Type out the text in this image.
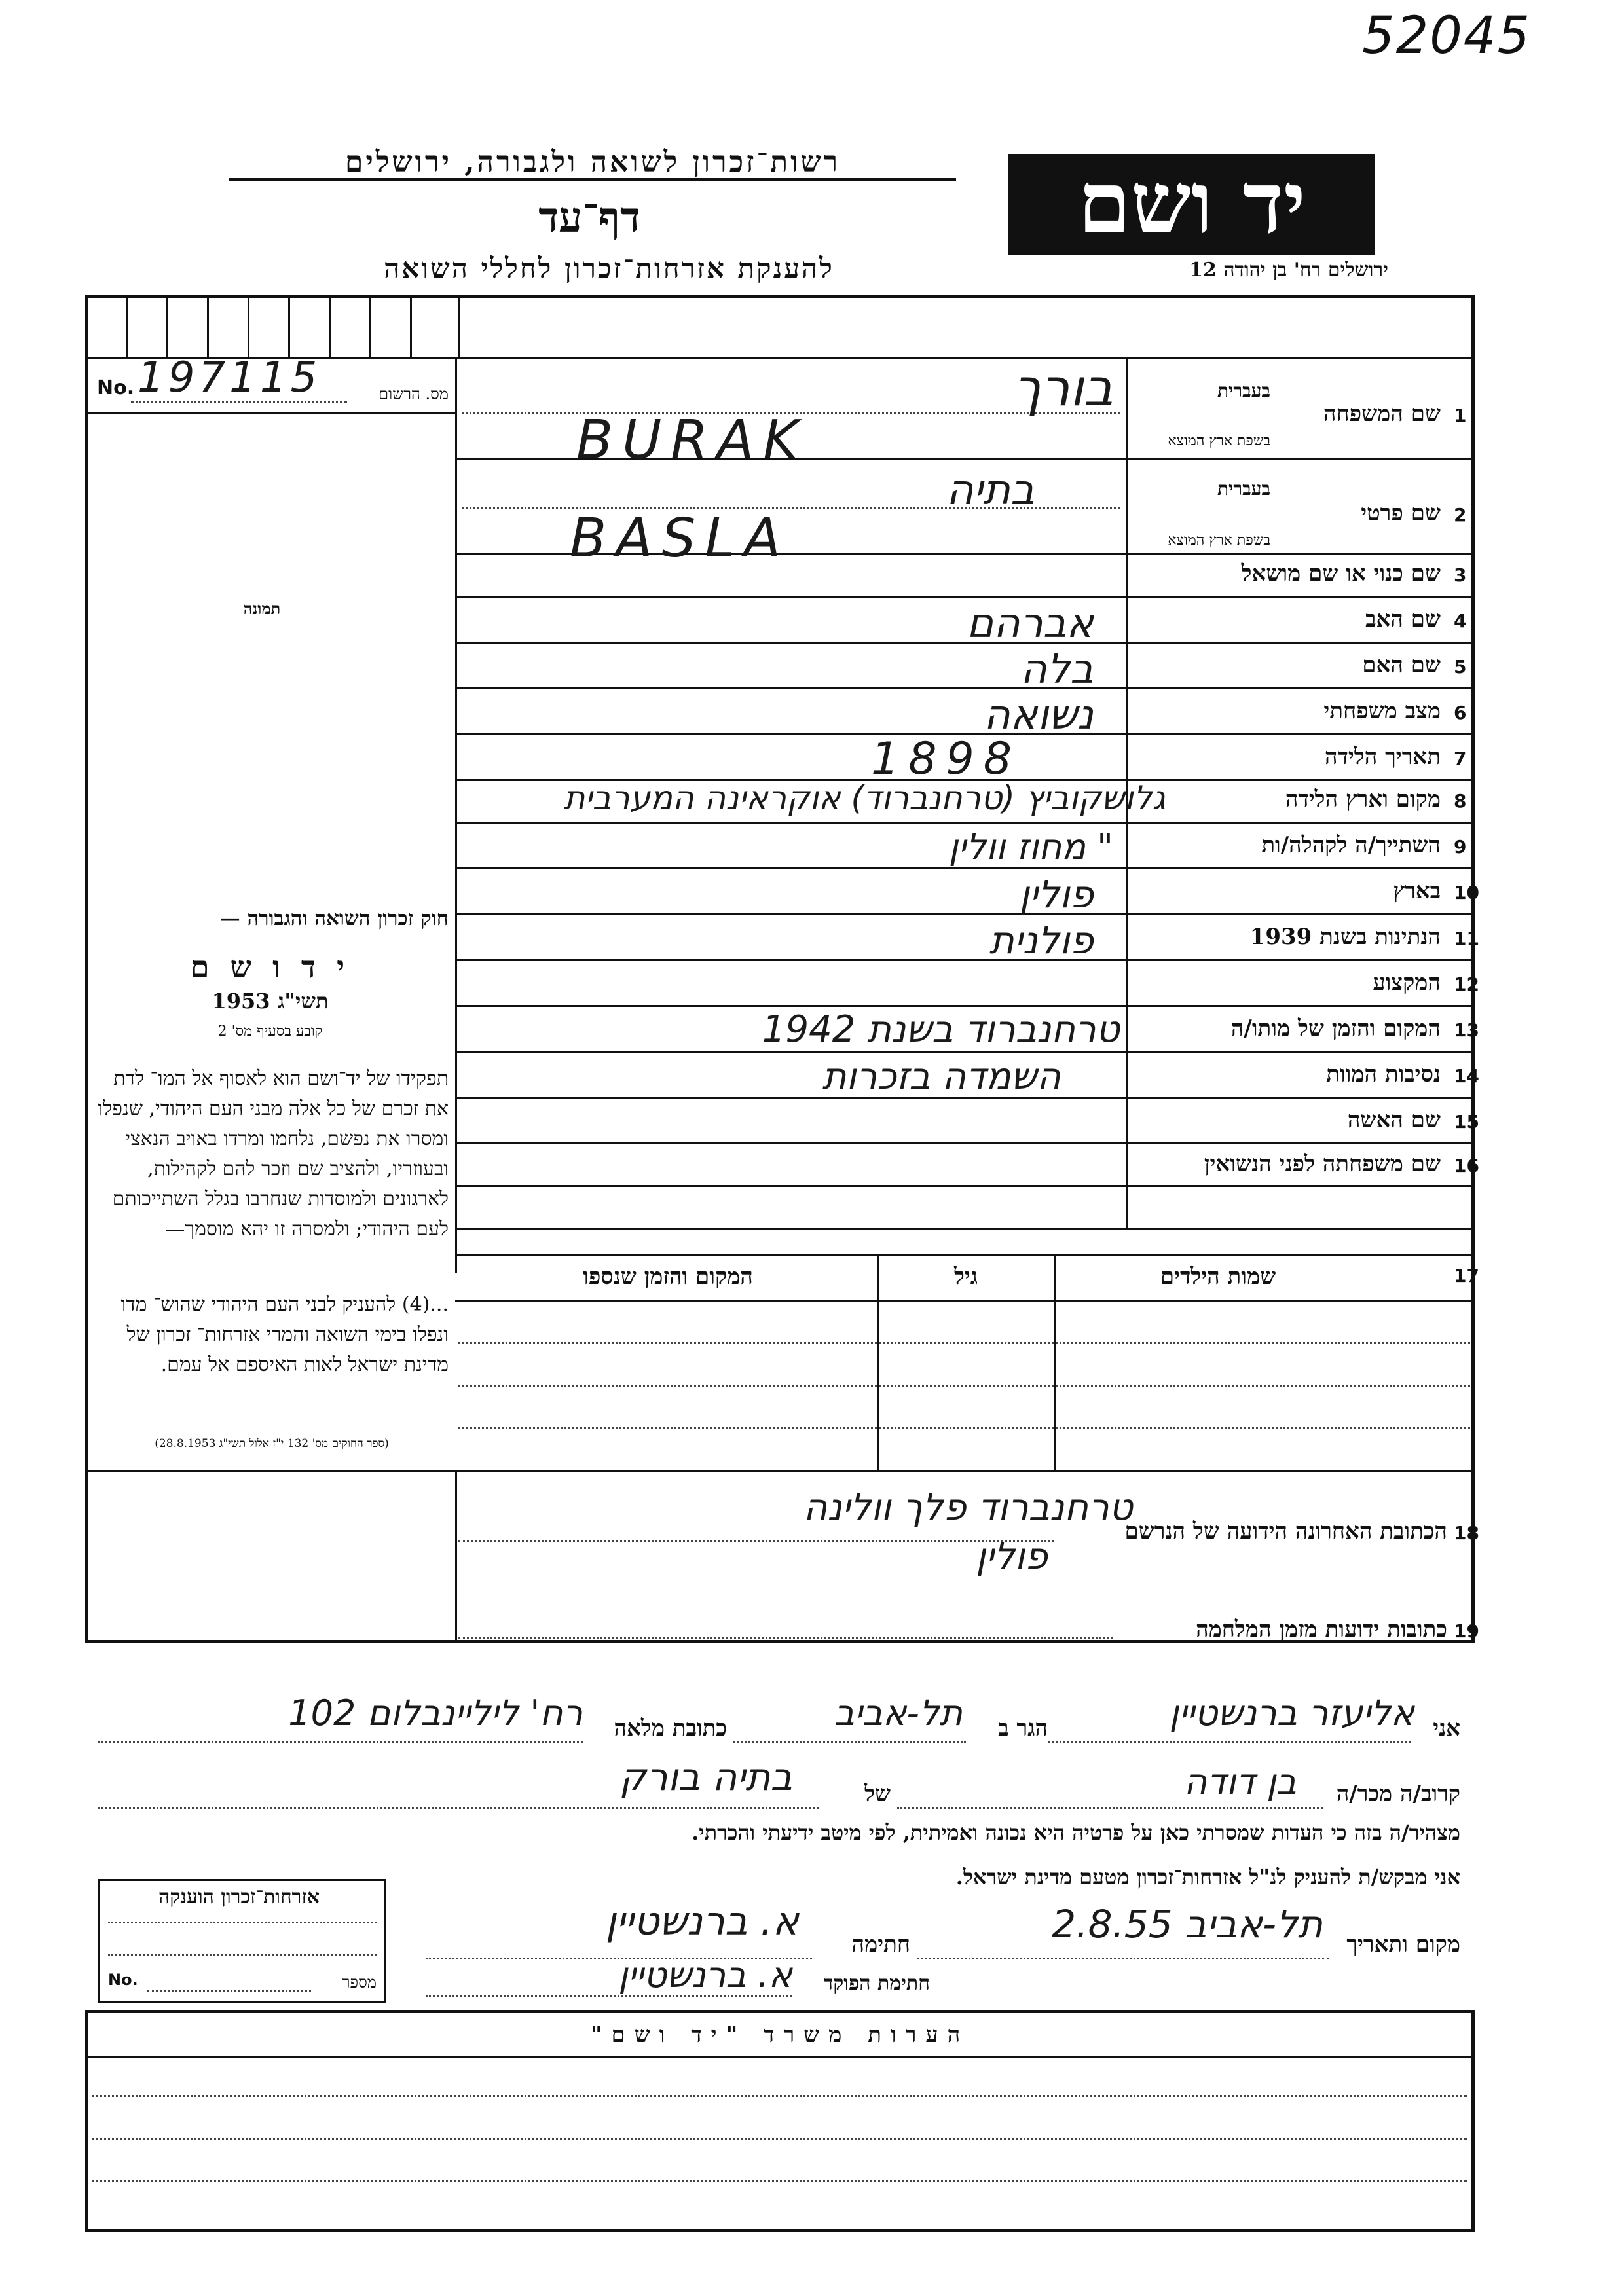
52045
רשות־זכרון לשואה ולגבורה, ירושלים
דף־עד
להענקת אזרחות־זכרון לחללי השואה
יד ושם
ירושלים רח' בן יהודה 12
No. 197115	מס. הרשום
תמונה
חוק זכרון השואה והגבורה —
י ד ו ש ם
תשי"ג 1953
קובע בסעיף מס' 2
תפקידו של יד־ושם הוא לאסוף אל המו־ לדת את זכרם של כל אלה מבני העם היהודי, שנפלו ומסרו את נפשם, נלחמו ומרדו באויב הנאצי ובעוזריו, ולהציב שם וזכר להם לקהילות, לארגונים ולמוסדות שנחרבו בגלל השתייכותם לעם היהודי; ולמסרה זו יהא מוסמך—
...(4) להעניק לבני העם היהודי שהוש־ מדו ונפלו בימי השואה והמרי אזרחות־ זכרון של מדינת ישראל לאות האיספם אל עמם.
(ספר החוקים מס' 132 י"ז אלול תשי"ג 28.8.1953)
1
שם המשפחה
בעברית
בשפת ארץ המוצא
בורך
BURAK
2
שם פרטי
בעברית
בשפת ארץ המוצא
בתיה
BASLA
3
שם כנוי או שם מושאל
4
שם האב
אברהם
5
שם האם
בלה
6
מצב משפחתי
נשואה
7
תאריך הלידה
1898
8
מקום וארץ הלידה
גלושקוביץ (טרחנברוד) אוקראינה המערבית
9
השתייך/ה לקהלה/ות
" מחוז וולין
10
בארץ
פולין
11
הנתינות בשנת 1939
פולנית
12
המקצוע
13
המקום והזמן של מותו/ה
טרחנברוד בשנת 1942
14
נסיבות המוות
השמדה בזכרות
15
שם האשה
16
שם משפחתה לפני הנשואין
17
שמות הילדים
גיל
המקום והזמן שנספו
18
הכתובת האחרונה הידועה של הנרשם
טרחנברוד פלך וולינה
פולין
19
כתובות ידועות מזמן המלחמה
אני
אליעזר ברנשטיין
הגר ב
תל-אביב
כתובת מלאה
רח' ליליינבלום 102
קרוב/ה מכר/ה
בן דודה
של
בתיה בורק
מצהיר/ה בזה כי העדות שמסרתי כאן על פרטיה היא נכונה ואמיתית, לפי מיטב ידיעתי והכרתי.
אני מבקש/ת להעניק לנ"ל אזרחות־זכרון מטעם מדינת ישראל.
מקום ותאריך
תל-אביב 2.8.55
חתימה
א. ברנשטיין
חתימת הפוקד
א. ברנשטיין
אזרחות־זכרון הוענקה
No.	מספר
הערות משרד "יד ושם"
